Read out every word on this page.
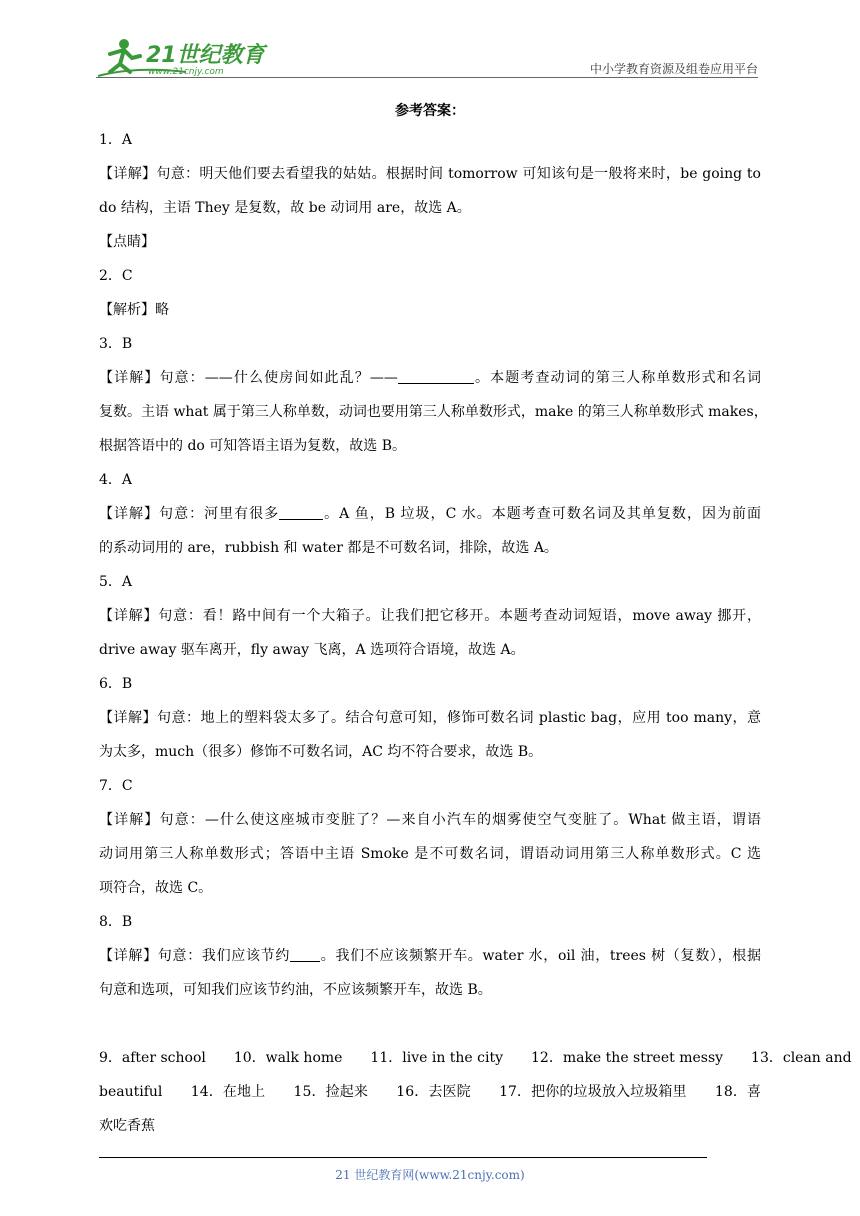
21世纪教育
www.21cnjy.com	中小学教育资源及组卷应用平台
参考答案：
1．A
【详解】句意：明天他们要去看望我的姑姑。根据时间 tomorrow 可知该句是一般将来时，be going to
do 结构，主语 They 是复数，故 be 动词用 are，故选 A。
【点睛】
2．C
【解析】略
3．B
【详解】句意：——什么使房间如此乱？——	。本题考查动词的第三人称单数形式和名词
复数。主语 what 属于第三人称单数，动词也要用第三人称单数形式，make 的第三人称单数形式 makes，
根据答语中的 do 可知答语主语为复数，故选 B。
4．A
【详解】句意：河里有很多	。A 鱼，B 垃圾，C 水。本题考查可数名词及其单复数，因为前面
的系动词用的 are，rubbish 和 water 都是不可数名词，排除，故选 A。
5．A
【详解】句意：看！路中间有一个大箱子。让我们把它移开。本题考查动词短语，move away 挪开，
drive away 驱车离开，fly away 飞离，A 选项符合语境，故选 A。
6．B
【详解】句意：地上的塑料袋太多了。结合句意可知，修饰可数名词 plastic bag，应用 too many，意
为太多，much（很多）修饰不可数名词，AC 均不符合要求，故选 B。
7．C
【详解】句意：—什么使这座城市变脏了？—来自小汽车的烟雾使空气变脏了。What 做主语，谓语
动词用第三人称单数形式；答语中主语 Smoke 是不可数名词，谓语动词用第三人称单数形式。C 选
项符合，故选 C。
8．B
【详解】句意：我们应该节约 。我们不应该频繁开车。water 水，oil 油，trees 树（复数），根据
句意和选项，可知我们应该节约油，不应该频繁开车，故选 B。
9．after school　　10．walk home　　11．live in the city　　12．make the street messy　　13．clean and
beautiful　　14．在地上　　15．捡起来　　16．去医院　　17．把你的垃圾放入垃圾箱里　　18．喜
欢吃香蕉
21 世纪教育网(www.21cnjy.com)
